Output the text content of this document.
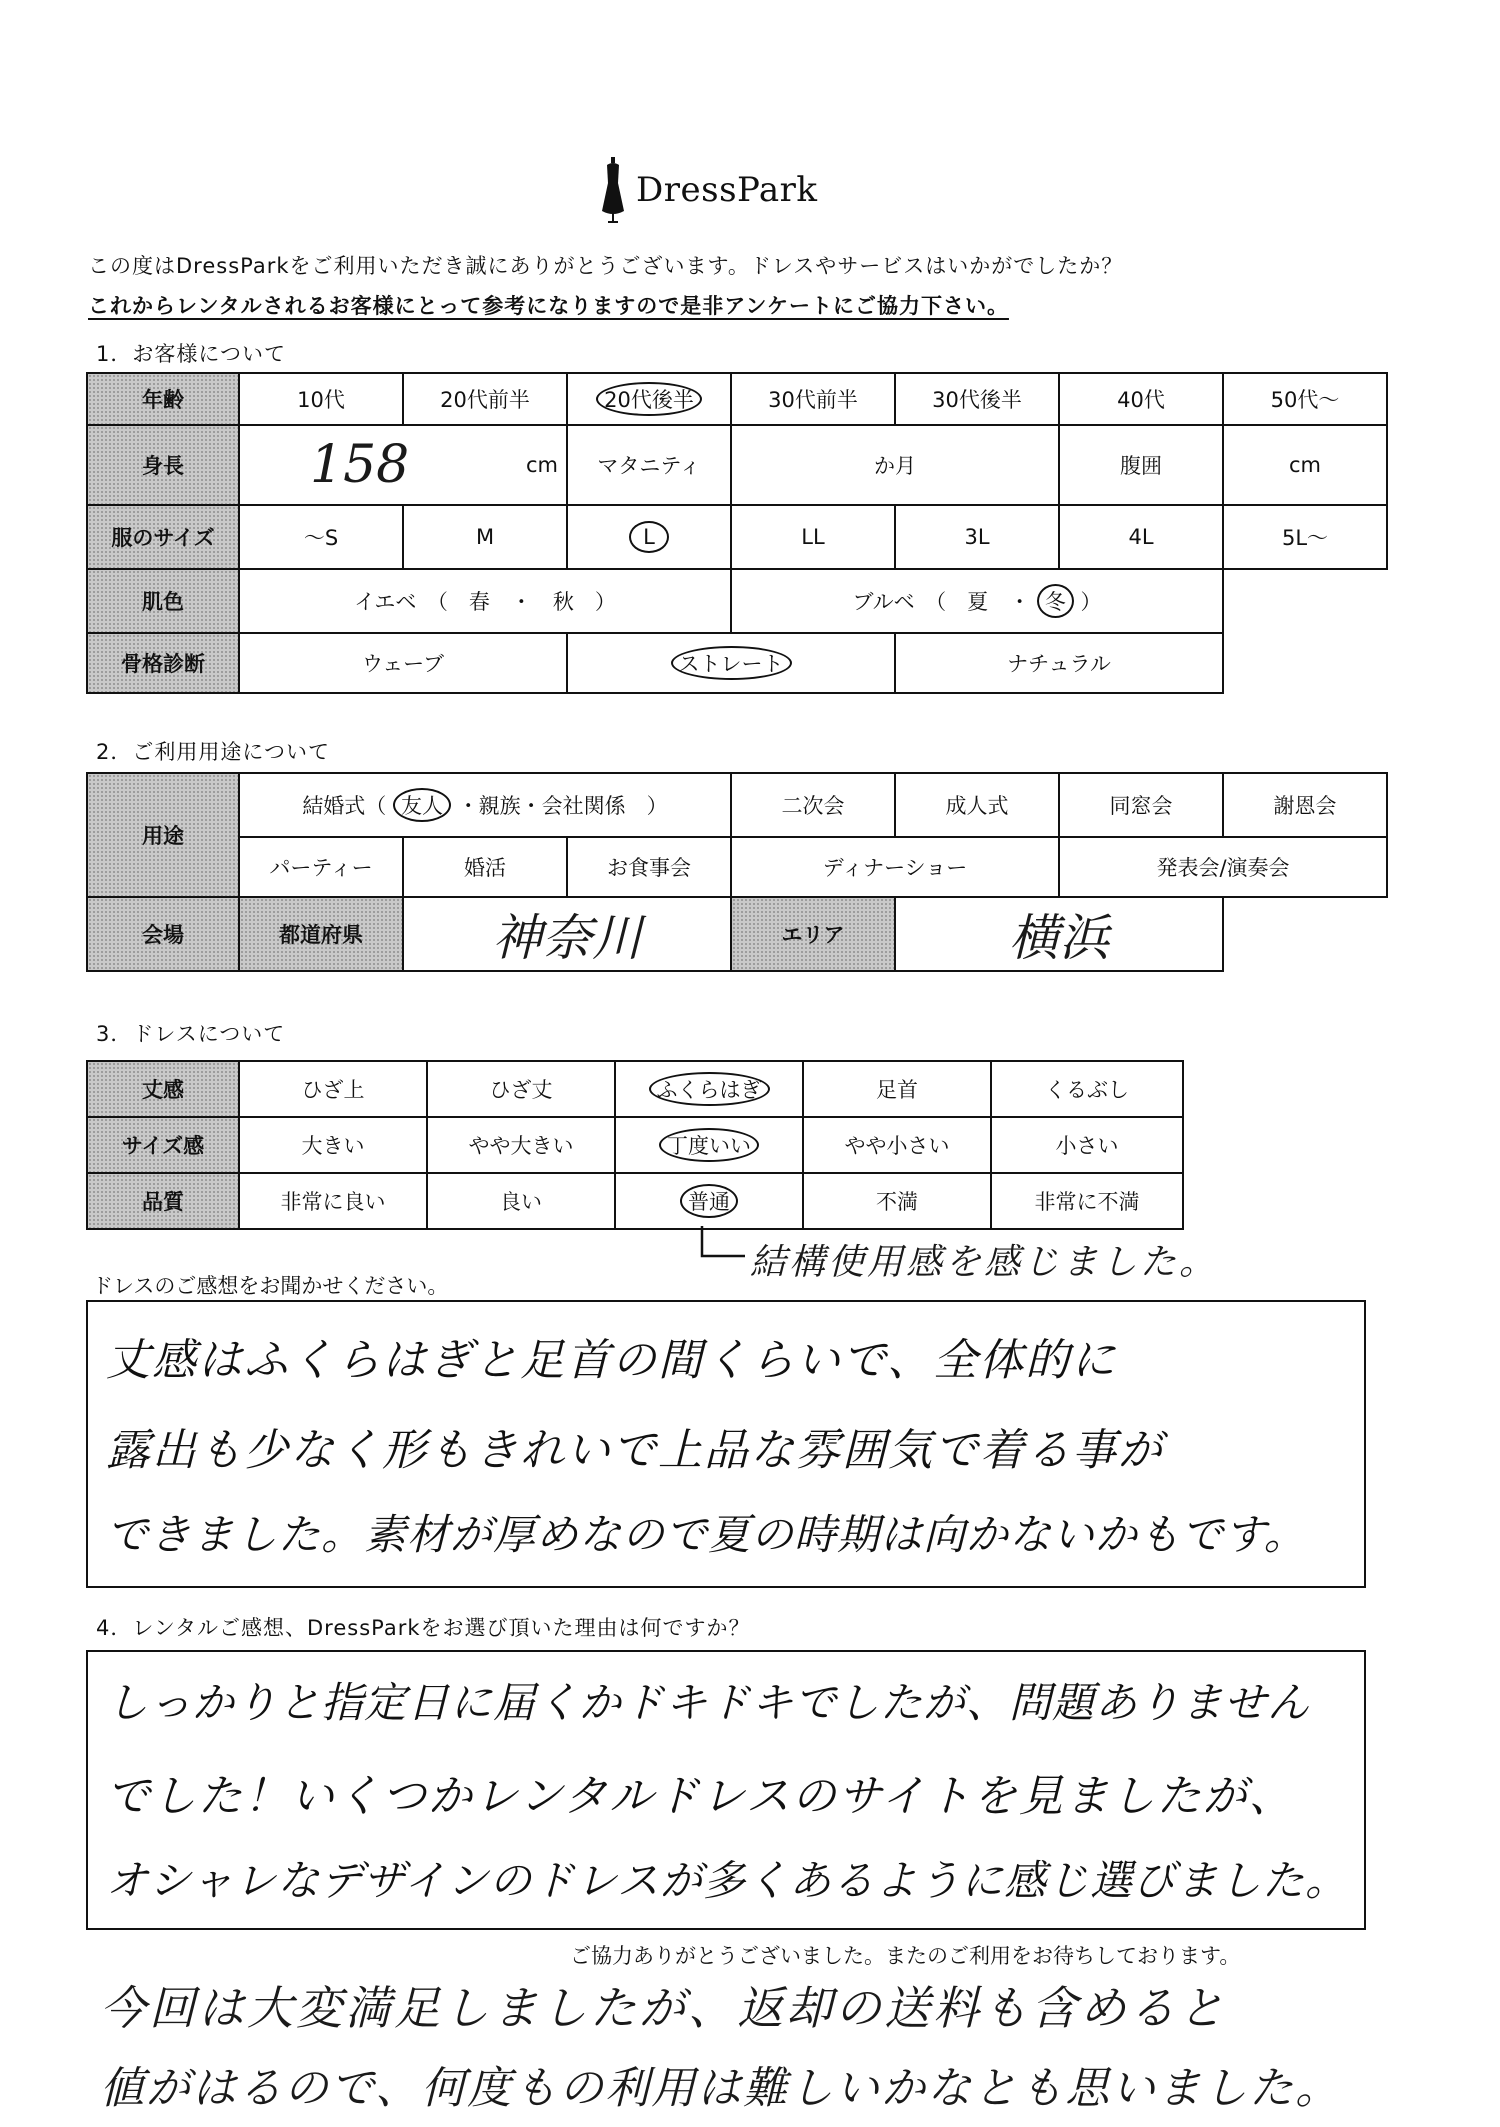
DressPark
この度はDressParkをご利用いただき誠にありがとうございます。ドレスやサービスはいかがでしたか？
これからレンタルされるお客様にとって参考になりますので是非アンケートにご協力下さい。
1．お客様について
年齢	10代	20代前半	20代後半	30代前半	30代後半	40代	50代〜
身長	158 cm		マタニティ	か月		腹囲	cm
服のサイズ	〜S	M	L	LL	3L	4L	5L〜
肌色	イエベ　（　春　・　秋　）			ブルベ　（　夏　・ 冬 ）			
骨格診断	ウェーブ		ストレート		ナチュラル		
2．ご利用用途について
用途	結婚式（ 友人 ・親族・会社関係　）			二次会	成人式	同窓会	謝恩会
	パーティー	婚活	お食事会	ディナーショー		発表会/演奏会	
会場	都道府県	神奈川		エリア	横浜		
3．ドレスについて
丈感	ひざ上	ひざ丈	ふくらはぎ	足首	くるぶし
サイズ感	大きい	やや大きい	丁度いい	やや小さい	小さい
品質	非常に良い	良い	普通	不満	非常に不満
結構使用感を感じました。
ドレスのご感想をお聞かせください。
丈感はふくらはぎと足首の間くらいで、全体的に
露出も少なく形もきれいで上品な雰囲気で着る事が
できました。素材が厚めなので夏の時期は向かないかもです。
4．レンタルご感想、DressParkをお選び頂いた理由は何ですか？
しっかりと指定日に届くかドキドキでしたが、問題ありません
でした！いくつかレンタルドレスのサイトを見ましたが、
オシャレなデザインのドレスが多くあるように感じ選びました。
ご協力ありがとうございました。またのご利用をお待ちしております。
今回は大変満足しましたが、返却の送料も含めると
値がはるので、何度もの利用は難しいかなとも思いました。
